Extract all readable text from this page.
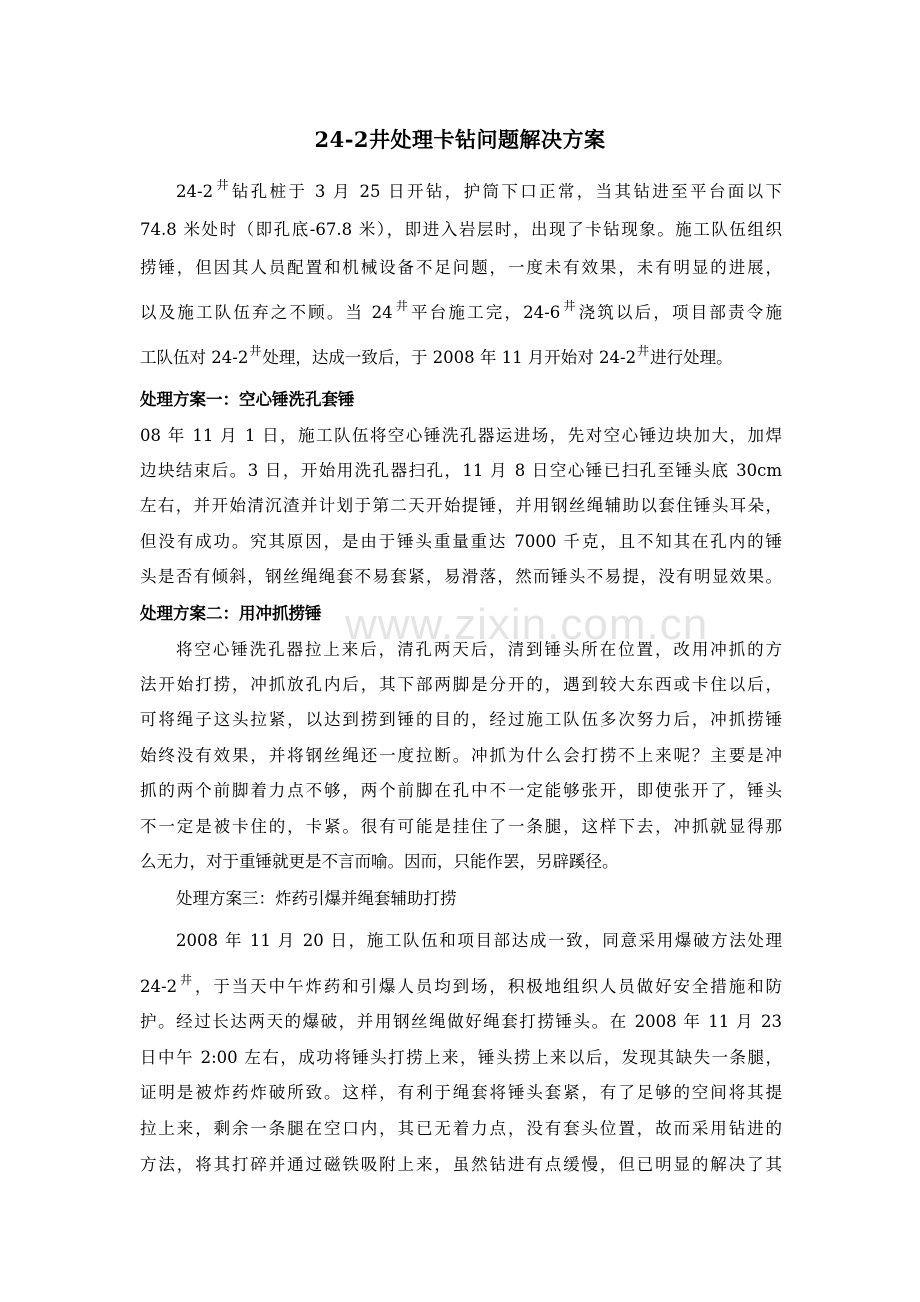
24-2井处理卡钻问题解决方案
$24-2^井$钻孔桩于 3 月 25 日开钻，护筒下口正常，当其钻进至平台面以下
74.8 米处时（即孔底-67.8 米），即进入岩层时，出现了卡钻现象。施工队伍组织
捞锤，但因其人员配置和机械设备不足问题，一度未有效果，未有明显的进展，
以及施工队伍弃之不顾。当 $24^井$平台施工完，$24-6^井$浇筑以后，项目部责令施
工队伍对 $24-2^井$处理，达成一致后，于 2008 年 11 月开始对 $24-2^井$进行处理。
处理方案一：空心锤洗孔套锤
08 年 11 月 1 日，施工队伍将空心锤洗孔器运进场，先对空心锤边块加大，加焊
边块结束后。3 日，开始用洗孔器扫孔，11 月 8 日空心锤已扫孔至锤头底 30cm
左右，并开始清沉渣并计划于第二天开始提锤，并用钢丝绳辅助以套住锤头耳朵，
但没有成功。究其原因，是由于锤头重量重达 7000 千克，且不知其在孔内的锤
头是否有倾斜，钢丝绳绳套不易套紧，易滑落，然而锤头不易提，没有明显效果。
处理方案二：用冲抓捞锤
将空心锤洗孔器拉上来后，清孔两天后，清到锤头所在位置，改用冲抓的方
法开始打捞，冲抓放孔内后，其下部两脚是分开的，遇到较大东西或卡住以后，
可将绳子这头拉紧，以达到捞到锤的目的，经过施工队伍多次努力后，冲抓捞锤
始终没有效果，并将钢丝绳还一度拉断。冲抓为什么会打捞不上来呢？主要是冲
抓的两个前脚着力点不够，两个前脚在孔中不一定能够张开，即使张开了，锤头
不一定是被卡住的，卡紧。很有可能是挂住了一条腿，这样下去，冲抓就显得那
么无力，对于重锤就更是不言而喻。因而，只能作罢，另辟蹊径。
处理方案三：炸药引爆并绳套辅助打捞
2008 年 11 月 20 日，施工队伍和项目部达成一致，同意采用爆破方法处理
$24-2^井$，于当天中午炸药和引爆人员均到场，积极地组织人员做好安全措施和防
护。经过长达两天的爆破，并用钢丝绳做好绳套打捞锤头。在 2008 年 11 月 23
日中午 2:00 左右，成功将锤头打捞上来，锤头捞上来以后，发现其缺失一条腿，
证明是被炸药炸破所致。这样，有利于绳套将锤头套紧，有了足够的空间将其提
拉上来，剩余一条腿在空口内，其已无着力点，没有套头位置，故而采用钻进的
方法，将其打碎并通过磁铁吸附上来，虽然钻进有点缓慢，但已明显的解决了其
www.zixin.com.cn
